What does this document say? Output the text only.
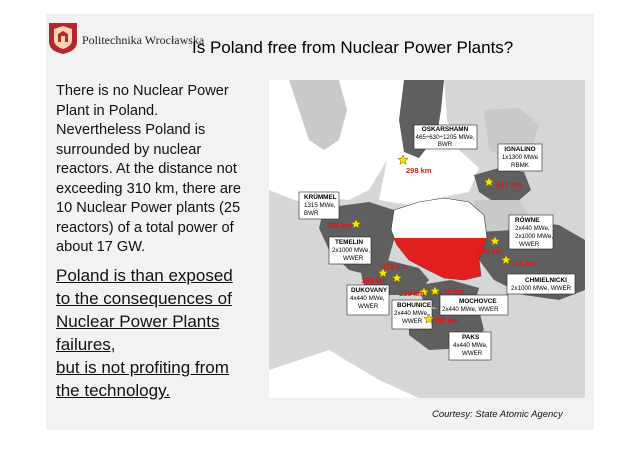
Politechnika Wrocławska
Is Poland free from Nuclear Power Plants?
There is no Nuclear Power
Plant in Poland.
Nevertheless Poland is
surrounded by nuclear
reactors. At the distance not
exceeding 310 km, there are
10 Nuclear Power plants (25
reactors) of a total power of
about 17 GW.
Poland is than exposed
to the consequences of
Nuclear Power Plants
failures,
but is not profiting from
the technology.
OSKARSHAMN
465÷630÷1205 MWe,
BWR
298 km
IGNALINO
1x1300 MWe
RBMK
255 km
KRÜMMEL
1315 MWe,
BWR
294 km
RÓWNE
2x440 MWe,
2x1000 MWe,
WWER
195 km
TEMELIN
2x1000 MWe,
WWER
115 km
CHMIELNICKI
2x1000 MWe, WWER
164 km
DUKOVANY
4x440 MWe,
WWER
195 km
BOHUNICE
2x440 MWe,
WWER
138 km
MOCHOVCE
2x440 MWe, WWER
150 km
PAKS
4x440 MWe,
WWER
258 km
Courtesy: State Atomic Agency
